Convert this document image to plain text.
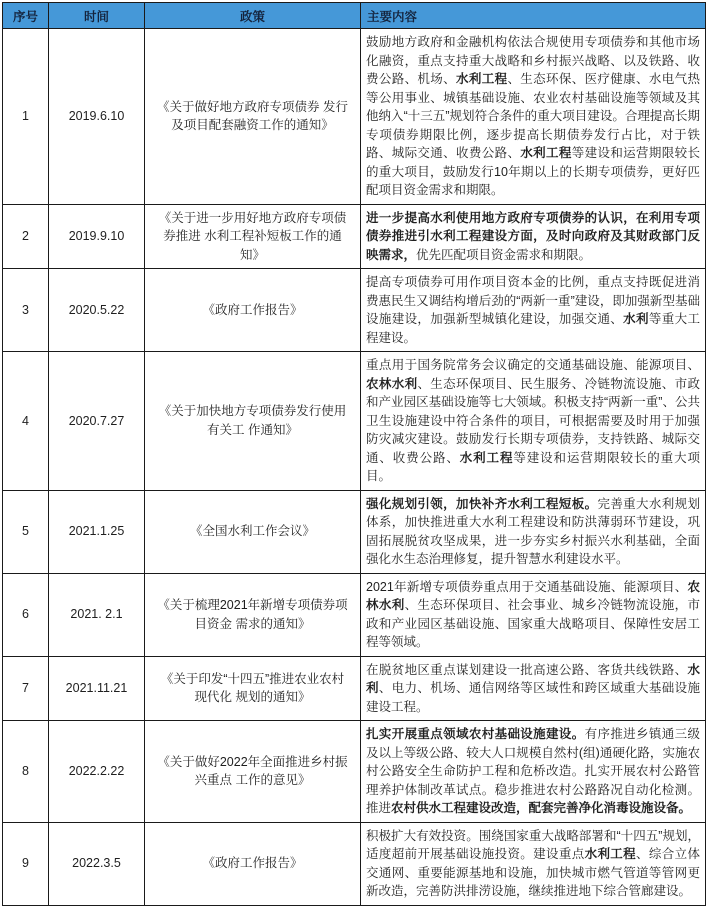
序号	时间	政策	主要内容
1	2019.6.10	《关于做好地方政府专项债券 发行及项目配套融资工作的通知》	鼓励地方政府和金融机构依法合规使用专项债券和其他市场化融资，重点支持重大战略和乡村振兴战略、以及铁路、收费公路、机场、水利工程、生态环保、医疗健康、水电气热等公用事业、城镇基础设施、农业农村基础设施等领域及其他纳入“十三五”规划符合条件的重大项目建设。合理提高长期专项债券期限比例，逐步提高长期债券发行占比，对于铁路、城际交通、收费公路、水利工程等建设和运营期限较长的重大项目，鼓励发行10年期以上的长期专项债券，更好匹配项目资金需求和期限。
2	2019.9.10	《关于进一步用好地方政府专项债券推进 水利工程补短板工作的通知》	进一步提高水利使用地方政府专项债券的认识，在利用专项债券推进引水利工程建设方面，及时向政府及其财政部门反映需求，优先匹配项目资金需求和期限。
3	2020.5.22	《政府工作报告》	提高专项债券可用作项目资本金的比例，重点支持既促进消费惠民生又调结构增后劲的“两新一重”建设，即加强新型基础设施建设，加强新型城镇化建设，加强交通、水利等重大工程建设。
4	2020.7.27	《关于加快地方专项债券发行使用有关工 作通知》	重点用于国务院常务会议确定的交通基础设施、能源项目、农林水利、生态环保项目、民生服务、冷链物流设施、市政和产业园区基础设施等七大领域。积极支持“两新一重”、公共卫生设施建设中符合条件的项目，可根据需要及时用于加强防灾减灾建设。鼓励发行长期专项债券，支持铁路、城际交通、收费公路、水利工程等建设和运营期限较长的重大项目。
5	2021.1.25	《全国水利工作会议》	强化规划引领，加快补齐水利工程短板。完善重大水利规划体系，加快推进重大水利工程建设和防洪薄弱环节建设，巩固拓展脱贫攻坚成果，进一步夯实乡村振兴水利基础，全面强化水生态治理修复，提升智慧水利建设水平。
6	2021. 2.1	《关于梳理2021年新增专项债券项目资金 需求的通知》	2021年新增专项债券重点用于交通基础设施、能源项目、农林水利、生态环保项目、社会事业、城乡冷链物流设施，市政和产业园区基础设施、国家重大战略项目、保障性安居工程等领域。
7	2021.11.21	《关于印发“十四五”推进农业农村现代化 规划的通知》	在脱贫地区重点谋划建设一批高速公路、客货共线铁路、水利、电力、机场、通信网络等区域性和跨区域重大基础设施建设工程。
8	2022.2.22	《关于做好2022年全面推进乡村振兴重点 工作的意见》	扎实开展重点领域农村基础设施建设。有序推进乡镇通三级及以上等级公路、较大人口规模自然村(组)通硬化路，实施农村公路安全生命防护工程和危桥改造。扎实开展农村公路管理养护体制改革试点。稳步推进农村公路路况自动化检测。推进农村供水工程建设改造，配套完善净化消毒设施设备。
9	2022.3.5	《政府工作报告》	积极扩大有效投资。围绕国家重大战略部署和“十四五”规划，适度超前开展基础设施投资。建设重点水利工程、综合立体交通网、重要能源基地和设施，加快城市燃气管道等管网更新改造，完善防洪排涝设施，继续推进地下综合管廊建设。
